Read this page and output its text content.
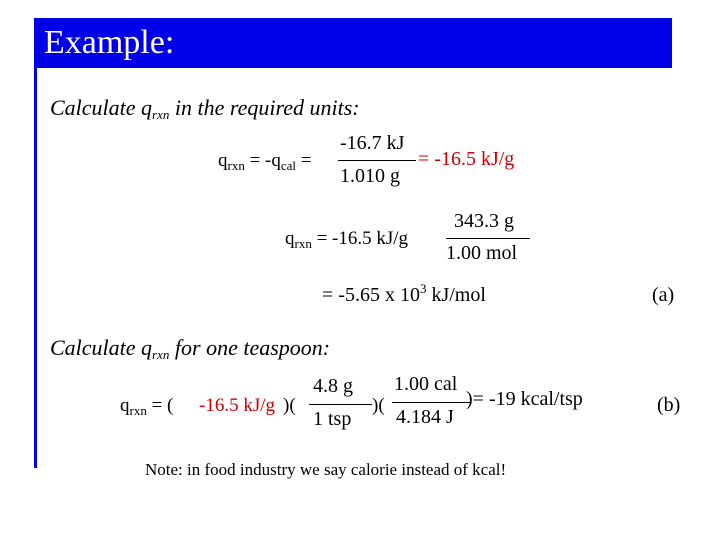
Example:
Calculate qrxn in the required units:
$q_{rxn} = -q_{cal}$ =
-16.7 kJ
1.010 g
= -16.5 kJ/g
$q_{rxn} = -16.5$ kJ/g
343.3 g
1.00 mol
= -5.65 x $10^3$ kJ/mol	(a)
Calculate qrxn for one teaspoon:
$q_{rxn}$ = ( -16.5 kJ/g )(
4.8 g
1 tsp
)(
1.00 cal
4.184 J
)= -19 kcal/tsp	(b)
Note: in food industry we say calorie instead of kcal!
